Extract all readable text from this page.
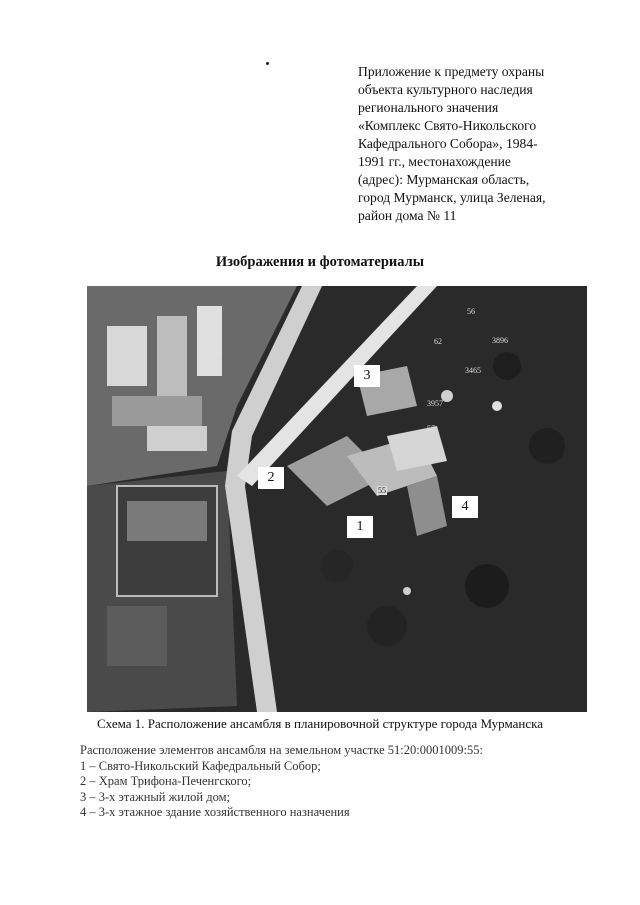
Приложение к предмету охраны
объекта культурного наследия
регионального значения
«Комплекс Свято-Никольского
Кафедрального Собора», 1984-
1991 гг., местонахождение
(адрес): Мурманская область,
город Мурманск, улица Зеленая,
район дома № 11
Изображения и фотоматериалы
1
2
3
4
55
56
57
62	3896
3465
3957
1808
Схема 1. Расположение ансамбля в планировочной структуре города Мурманска
Расположение элементов ансамбля на земельном участке 51:20:0001009:55:
1 – Свято-Никольский Кафедральный Собор;
2 – Храм Трифона-Печенгского;
3 – 3-х этажный жилой дом;
4 – 3-х этажное здание хозяйственного назначения
